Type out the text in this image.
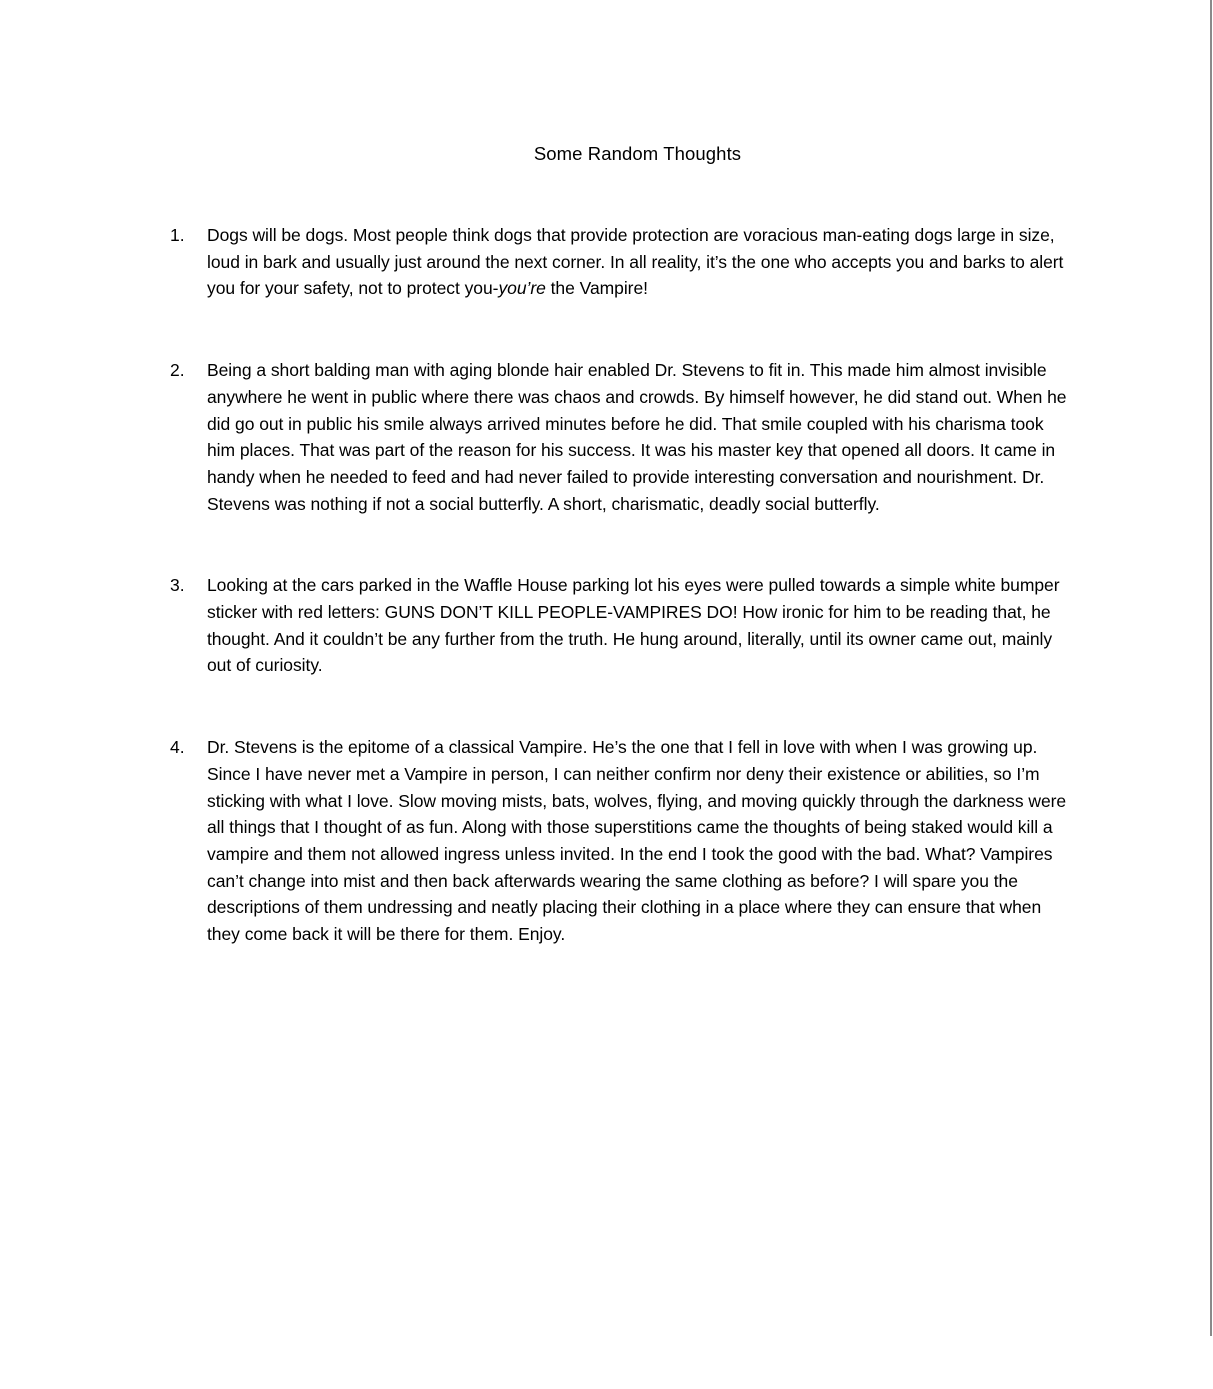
Some Random Thoughts
1.	Dogs will be dogs. Most people think dogs that provide protection are voracious man-eating dogs large in size, loud in bark and usually just around the next corner. In all reality, it’s the one who accepts you and barks to alert you for your safety, not to protect you-you’re the Vampire!
2.	Being a short balding man with aging blonde hair enabled Dr. Stevens to fit in. This made him almost invisible anywhere he went in public where there was chaos and crowds. By himself however, he did stand out. When he did go out in public his smile always arrived minutes before he did. That smile coupled with his charisma took him places. That was part of the reason for his success. It was his master key that opened all doors. It came in handy when he needed to feed and had never failed to provide interesting conversation and nourishment. Dr. Stevens was nothing if not a social butterfly. A short, charismatic, deadly social butterfly.
3.	Looking at the cars parked in the Waffle House parking lot his eyes were pulled towards a simple white bumper sticker with red letters: GUNS DON’T KILL PEOPLE-VAMPIRES DO! How ironic for him to be reading that, he thought. And it couldn’t be any further from the truth. He hung around, literally, until its owner came out, mainly out of curiosity.
4.	Dr. Stevens is the epitome of a classical Vampire. He’s the one that I fell in love with when I was growing up. Since I have never met a Vampire in person, I can neither confirm nor deny their existence or abilities, so I’m sticking with what I love. Slow moving mists, bats, wolves, flying, and moving quickly through the darkness were all things that I thought of as fun. Along with those superstitions came the thoughts of being staked would kill a vampire and them not allowed ingress unless invited. In the end I took the good with the bad. What? Vampires can’t change into mist and then back afterwards wearing the same clothing as before? I will spare you the descriptions of them undressing and neatly placing their clothing in a place where they can ensure that when they come back it will be there for them. Enjoy.
